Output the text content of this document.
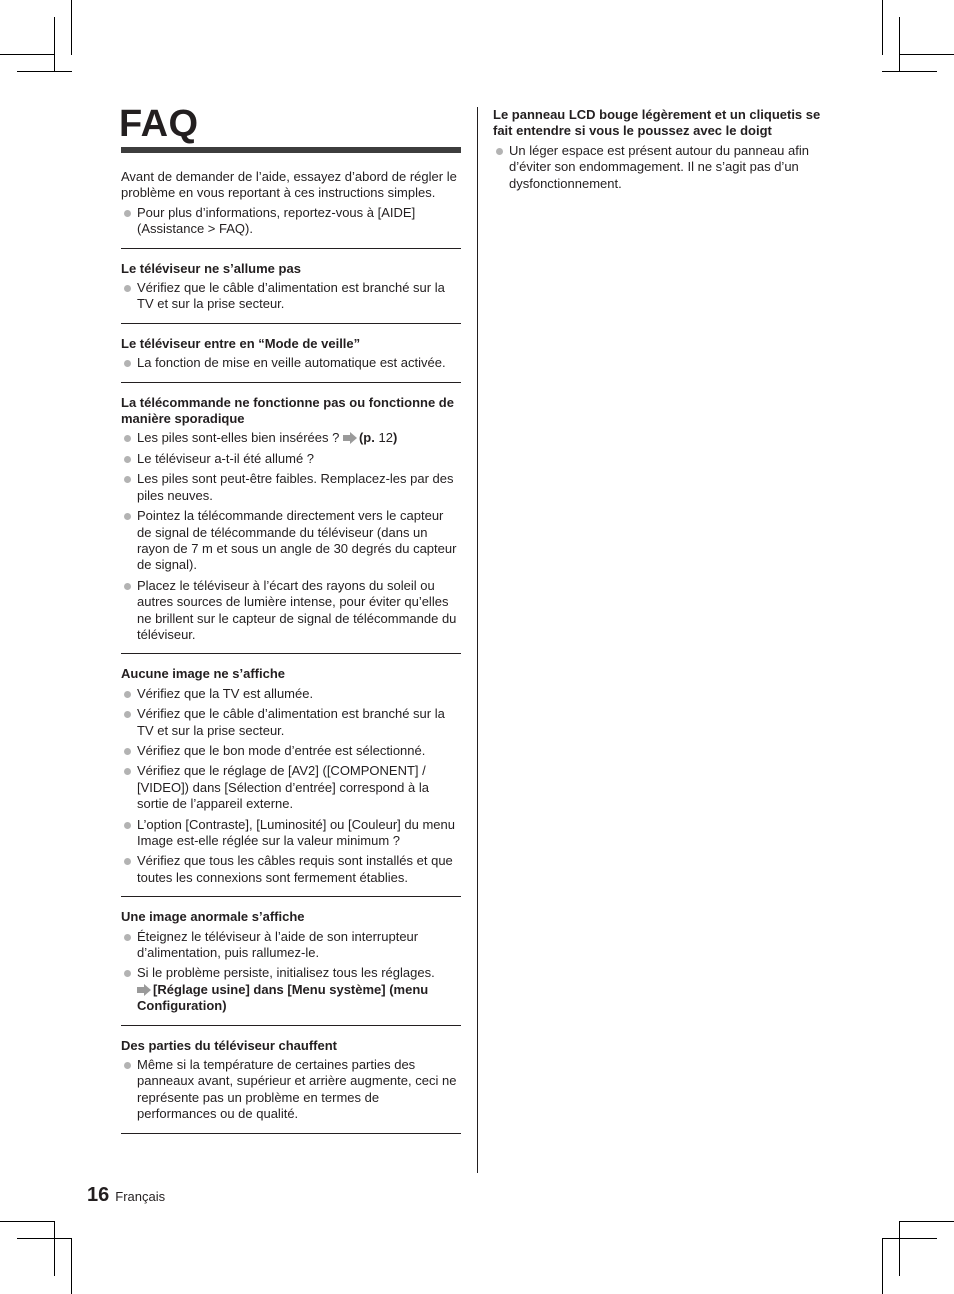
FAQ

Avant de demander de l’aide, essayez d’abord de régler le problème en vous reportant à ces instructions simples.

Pour plus d’informations, reportez-vous à [AIDE] (Assistance > FAQ).
Le téléviseur ne s’allume pas
Vérifiez que le câble d’alimentation est branché sur la TV et sur la prise secteur.
Le téléviseur entre en “Mode de veille”
La fonction de mise en veille automatique est activée.
La télécommande ne fonctionne pas ou fonctionne de manière sporadique
Les piles sont-elles bien insérées ? (p. 12)
Le téléviseur a-t-il été allumé ?
Les piles sont peut-être faibles. Remplacez-les par des piles neuves.
Pointez la télécommande directement vers le capteur de signal de télécommande du téléviseur (dans un rayon de 7 m et sous un angle de 30 degrés du capteur de signal).
Placez le téléviseur à l’écart des rayons du soleil ou autres sources de lumière intense, pour éviter qu’elles ne brillent sur le capteur de signal de télécommande du téléviseur.
Aucune image ne s’affiche
Vérifiez que la TV est allumée.
Vérifiez que le câble d’alimentation est branché sur la TV et sur la prise secteur.
Vérifiez que le bon mode d’entrée est sélectionné.
Vérifiez que le réglage de [AV2] ([COMPONENT] / [VIDEO]) dans [Sélection d’entrée] correspond à la sortie de l’appareil externe.
L’option [Contraste], [Luminosité] ou [Couleur] du menu Image est-elle réglée sur la valeur minimum ?
Vérifiez que tous les câbles requis sont installés et que toutes les connexions sont fermement établies.
Une image anormale s’affiche
Éteignez le téléviseur à l’aide de son interrupteur d’alimentation, puis rallumez-le.
Si le problème persiste, initialisez tous les réglages.
[Réglage usine] dans [Menu système] (menu Configuration)
Des parties du téléviseur chauffent
Même si la température de certaines parties des panneaux avant, supérieur et arrière augmente, ceci ne représente pas un problème en termes de performances ou de qualité.
Le panneau LCD bouge légèrement et un cliquetis se fait entendre si vous le poussez avec le doigt
Un léger espace est présent autour du panneau afin d’éviter son endommagement. Il ne s’agit pas d’un dysfonctionnement.
16 Français
